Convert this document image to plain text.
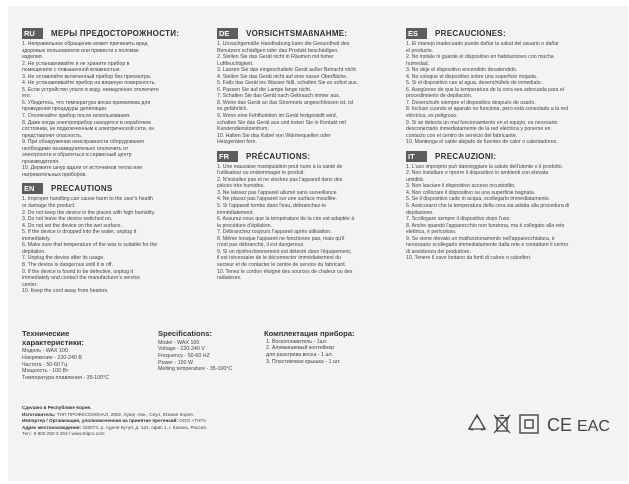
RU	МЕРЫ ПРЕДОСТОРОЖНОСТИ:
1. Неправильное обращение может причинить вред
здоровью пользователя или привести к поломке
изделия.
2. Не устанавливайте и не храните прибор в
помещениях с повышенной влажностью.
3. Не оставляйте включенный прибор без присмотра.
4. Не устанавливайте прибор на влажную поверхность.
5. Если устройство упало в воду, немедленно отключите
его.
6. Убедитесь, что температура воска приемлема для
проведения процедуры депиляции.
7. Отключайте прибор после использования.
8. Даже когда электроприбор находится в нерабочем
состоянии, не подключенным к электрической сети, он
представляет опасность.
9. При обнаружении неисправности оборудования
необходимо незамедлительно отключить от
электросети и обратиться в сервисный центр
производителя.
10. Держите шнур вдали от источников тепла или
нагревательных приборов.
EN	PRECAUTIONS
1. Improper handling can cause harm to the user's health
or damage the product.
2. Do not keep the device in the places with high humidity.
3. Do not leave the device switched on.
4. Do not set the device on the wet surface.
5. If the device is dropped into the water, unplug it
immediately.
6. Make sure that temperature of the wax is suitable for the
depilation.
7. Unplug the device after its usage.
8. The device is dangerous until it is off.
9. If the device is found to be defective, unplug it
immediately and contact the manufacturer's service
center.
10. Keep the cord away from heaters.
DE	VORSICHTSMAßNAHME:
1. Unsachgemäße Handhabung kann die Gesundheit des
Benutzers schädigen oder das Produkt beschädigen.
2. Stellen Sie das Gerät nicht in Räumen mit hoher
Luftfeuchtigkeit.
3. Lassen Sie das eingeschaltete Gerät außer Betracht nicht.
4. Stellen Sie das Gerät nicht auf eine nasse Oberfläche.
5. Falls das Gerät ins Wasser fällt, schalten Sie es sofort aus.
6. Passen Sie auf die Lampe lange nicht.
7. Schalten Sie das Gerät nach Gebrauch immer aus.
8. Wenn das Gerät an das Stromnetz angeschlossen ist, ist
es gefährlich.
9. Wenn eine Fehlfunktion im Gerät festgestellt wird,
schalten Sie das Gerät aus und treten Sie in Kontakt mit
Kundendienstzentrum.
10. Halten Sie das Kabel von Wärmequellen oder
Heizgeräten fern.
FR	PRÉCAUTIONS:
1. Une mauvaise manipulation peut nuire à la santé de
l'utilisateur ou endommager le produit.
2. N'installez pas et ne stockez pas l'appareil dans des
pièces très humides.
3. Ne laissez pas l'appareil allumé sans surveillance.
4. Ne placez pas l'appareil sur une surface mouillée.
5. Si l'appareil tombe dans l'eau, débranchez-le
immédiatement.
6. Assurez-vous que la température de la cire est adaptée à
la procédure d'épilation.
7. Débranchez toujours l'appareil après utilisation.
8. Même lorsque l'appareil ne fonctionne pas, mais qu'il
n'est pas débranché, il est dangereux.
9. Si un dysfonctionnement est détecté dans l'équipement,
il est nécessaire de le déconnecter immédiatement du
secteur et de contacter le centre de service du fabricant.
10. Tenez le cordon éloigné des sources de chaleur ou des
radiateurs.
ES	PRECAUCIONES:
1. El manejo inadecuado puede dañar la salud del usuario o dañar
el producto.
2. No instale ni guarde el dispositivo en habitaciones con mucha
humedad.
3. No deje el dispositivo encendido desatendido.
4. No coloque el dispositivo sobre una superficie mojada.
5. Si el dispositivo cae al agua, desenchúfelo de inmediato.
6. Asegúrese de que la temperatura de la cera sea adecuada para el
procedimiento de depilación.
7. Desenchufe siempre el dispositivo después de usarlo.
8. Incluso cuando el aparato no funciona, pero está conectado a la red
eléctrica, es peligroso.
9. Si se detecta un mal funcionamiento en el equipo, es necesario
desconectarlo inmediatamente de la red eléctrica y ponerse en
contacto con el centro de servicio del fabricante.
10. Mantenga el cable alejado de fuentes de calor o calentadores.
IT	PRECAUZIONI:
1. L'uso improprio può danneggiare la salute dell'utente o il prodotto.
2. Non installare o riporre il dispositivo in ambienti con elevata
umidità.
3. Non lasciare il dispositivo acceso incustodito.
4. Non collocare il dispositivo su una superficie bagnata.
5. Se il dispositivo cade in acqua, scollegarlo immediatamente.
6. Assicurarsi che la temperatura della cera sia adatta alla procedura di
depilazione.
7. Scollegare sempre il dispositivo dopo l'uso.
8. Anche quando l'apparecchio non funziona, ma è collegato alla rete
elettrica, è pericoloso.
9. Se viene rilevato un malfunzionamento nell'apparecchiatura, è
necessario scollegarlo immediatamente dalla rete e contattare il centro
di assistenza del produttore.
10. Tenere il cavo lontano da fonti di calore o caloriferi.
Технические
характеристики:
Модель - WAX 100
Напряжение - 220-240 В
Частота - 50-60 Гц
Мощность - 100 Вт
Температура плавления - 35-100°C
Specifications:
Model - WAX 100
Voltage - 220-240 V
Frequency - 50-60 HZ
Power - 100 W
Melting temperature - 35-100°C
Комплектация прибора:
1. Воскоплавитель - 1шт.
2. Алюминиевый контейнер
для разогрева воска - 1 шт.
3. Пластиковая крышка - 1 шт.
Сделано в Республике Корея.
Изготовитель: ТНП ПРОФЕССИОНАЛ, 2902, Хуанг Аве., Сеул, Южная Корея.
Импортер / Организация, уполномоченная на принятие претензий: ООО «ТНП»
Адрес местонахождения: 420073, р. Аделя Кутуя, д. 124, офис 1, г. Казань, Россия.
Тел.: 8 800 250 3 253 / www.tnlpro.com	CE EAC
